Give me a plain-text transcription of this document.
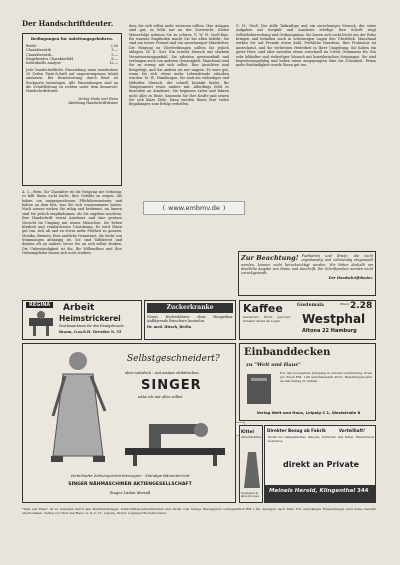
Der Handschriftdeuter.
Bedingungen fur Anleitungsgebuhren.
Briefe	2,50
Charakteristik	3.—
Charakteristik...	5.—
Eingehendes Charakterbild	8.—
Individuelle Analyse	12.—
Jede handschriftliche Einsendung muss mindestens 20 Zeilen Tinte-Schrift auf ungezwungenem Inhalt umfassen. Bei Beantwortung durch Brief ist Ruckporto beizufugen. Alle Einsendungen sind an die Schriftleitung zu richten unter dem Kennwort: Handschriftdeuter.
Verlag Mode und Heim
Abteilung Handschriftdeuter
A. C., Bern. Ihr Charakter ist die Neigung zur Ordnung; es fallt Ihnen nicht leicht, Ihre Gefuhle zu zeigen. Sie haben ein ausgesprochenes Pflichtbewusstsein und halten an dem fest, was Sie sich vorgenommen haben. Nach aussen wirken Sie ruhig und bestimmt, im Innern sind Sie jedoch empfindsamer, als Sie zugeben mochten. Ihre Handschrift verrat Ausdauer und eine gewisse Vorsicht im Umgang mit neuen Menschen. Sie lieben Klarheit und verabscheuen Unordnung. Es wird Ihnen gut tun, sich ab und zu etwas mehr Freiheit zu gonnen. Monika, Bremen. Eine zartliche Gemutsart, die leicht von Stimmungen abhangig ist. Sie sind hilfsbereit und denken oft an andere, bevor Sie an sich selbst denken. Die Unbestandigkeit ist die, Ihr Willensfluss und Ihre Ordnungsliebe lassen sich noch starken.
dass Sie sich selbst mehr zutrauen sollten. Ihre Anlagen sind gut; es fehlt nur an der Zuversicht. Kleine Misserfolge nehmen Sie zu schwer. G. W. H. Groß-Ems. Ihr warmes Empfinden macht Sie bei allen beliebt; Sie sind ein treuer Freund und ein zuverlassiger Mitarbeiter. Die Neigung zu Ubertreibungen sollten Sie jedoch ablegen. Gl. K. Gott. Ein ernster Mensch mit starkem Verantwortungsgefuhl. Sie arbeiten gewissenhaft und verlangen auch von anderen Genauigkeit. Manchmal sind Sie zu streng mit sich selbst. Ihre Ansichten sind festgefugt, und Sie andern sie nur ungern. Es ware gut, wenn Sie sich etwas mehr Lebensfreude erlauben wurden. M. W., Hamburgen. Sie sind ein vielseitiger und lebhafter Mensch, der schnell Kontakt findet. Ihr Temperament reisst andere mit. Allerdings fehlt es bisweilen an Ausdauer; Sie beginnen vieles und fuhren nicht alles zu Ende. Sammeln Sie Ihre Krafte und setzen Sie sich klare Ziele. Dann werden Ihnen Ihre vielen Begabungen zum Erfolg verhelfen.
G. H., Groß. Der stille Tatkraftige und ein zuverlassiger Mensch, der seine Aufgaben mit Sorgfalt und Ausdauer erledigt. Ihre Schrift zeigt Selbstbeherrschung und Ordnungssinn. Sie lassen sich nicht leicht aus der Ruhe bringen und behalten auch in schwierigen Lagen den Uberblick. Manchmal wirken Sie auf Fremde etwas kuhl. Fröhliche Hausfrau. Ihre Frohnatur ist ansteckend, und Sie verbreiten Heiterkeit in Ihrer Umgebung. Sie haben ein gutes Herz, sind aber zuweilen etwas vorschnell im Urteil. Grünmarie Ho. Ein sehr lebhafter und vielseitiger Mensch mit kunstlerischen Neigungen. Sie sind begeisterungsfahig und haben einen ausgepragten Sinn fur Schonheit. Etwas mehr Beständigkeit wurde Ihnen gut tun.
Zur Beachtung! Postkarten und Briefe, die nicht eigenhandig und vollstandig eingesandt werden, konnen nicht berucksichtigt werden. Wir bitten deshalb um deutliche Angabe von Name und Anschrift. Die Schriftproben werden nicht zuruckgesandt.
Der Handschriftdeuter.
( www.embmv.de )
REGINA	Arbeit
Heimstrickerei
Strickmaschinen fur den Hausgebrauch
Braun, G.m.b.H. Dresden N. 55
Zuckerkranke
Neues Heilverfahren ohne Hungerkur. Aufklarende Broschure kostenlos.
Dr. med. Hirsch, Berlin
Kaffee
Garantiert frisch gerostet, Versand direkt ab Lager.
Gustemala	Pfund 2.28
Westphal
Altona 22 Hamburg
Selbstgeschneidert?
aber natürlich – mit meiner elektrischen
SINGER
nähe ich mir alles selbst
Vorteilhafte Zahlungserleichterungen · Ständige Nähunterricht
SINGER NÄHMASCHINEN AKTIENGESELLSCHAFT
Singer Läden überall
Einbanddecken
zu "Welt und Haus"
Fur den kompletten Jahrgang in schoner Ausfuhrung. Preis pro Stuck RM. 1.80 einschliesslich Porto. Bestellungen sind an den Verlag zu richten.
Verlag Welt und Haus, Leipzig C 1, Weststraße 8
Kittel
Arbeitsmäntel
Neuheiten in allen Grossen.
Direkter Bezug ab Fabrik	Vorteilhaft!
Stoffe fur Damenkleider, Wasche, Schurzen und Kittel. Musterbuch kostenlos.
direkt an Private
Meinels Herold, Klingenthal 344
"Welt und Haus" ist zu beziehen durch alle Buchhandlungen, Zeitschriftenverkaufsstellen und direkt vom Verlag. Bezugspreis vierteljahrlich RM 1.60. Anzeigen nach Tarif. Fur unverlangte Einsendungen wird keine Gewahr ubernommen. Verlag von Welt und Haus, G. m. b. H., Leipzig. Druck: Leipziger Buchdruckerei.
